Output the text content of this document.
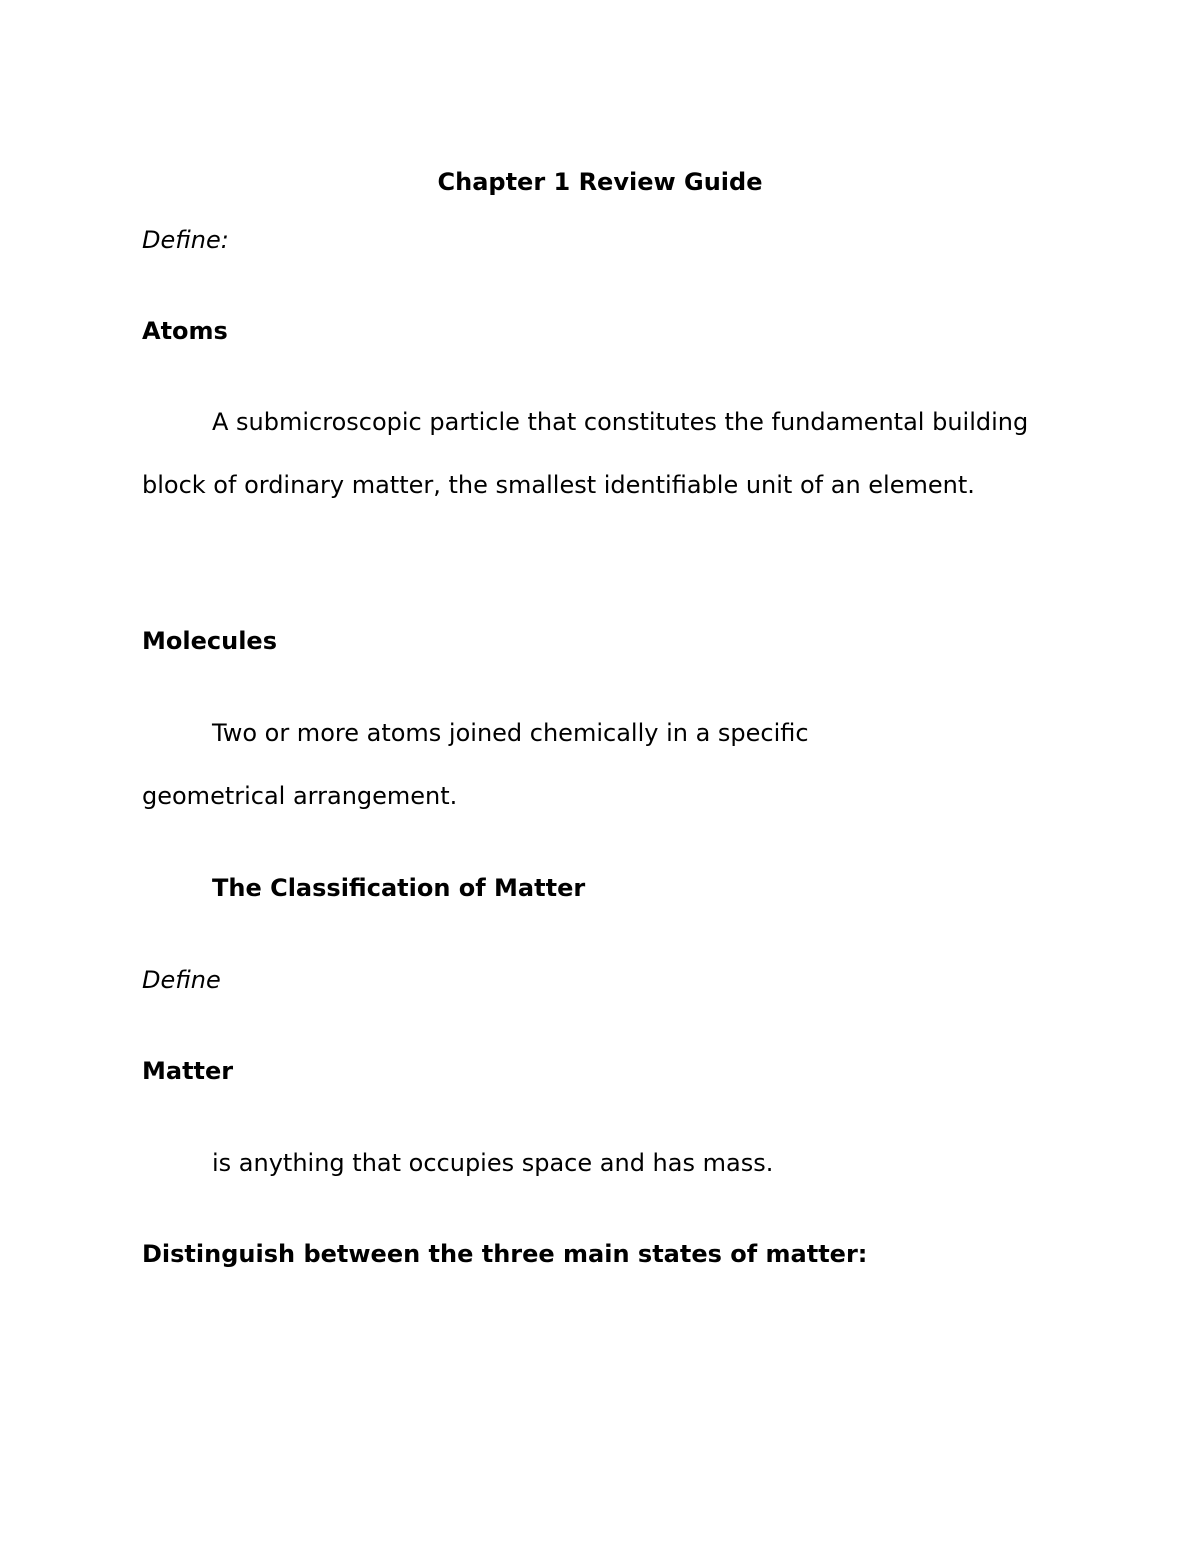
Chapter 1 Review Guide

Define:

Atoms

A submicroscopic particle that constitutes the fundamental building block of ordinary matter, the smallest identifiable unit of an element.

Molecules

Two or more atoms joined chemically in a specific geometrical arrangement.

The Classification of Matter

Define

Matter

is anything that occupies space and has mass.

Distinguish between the three main states of matter:
